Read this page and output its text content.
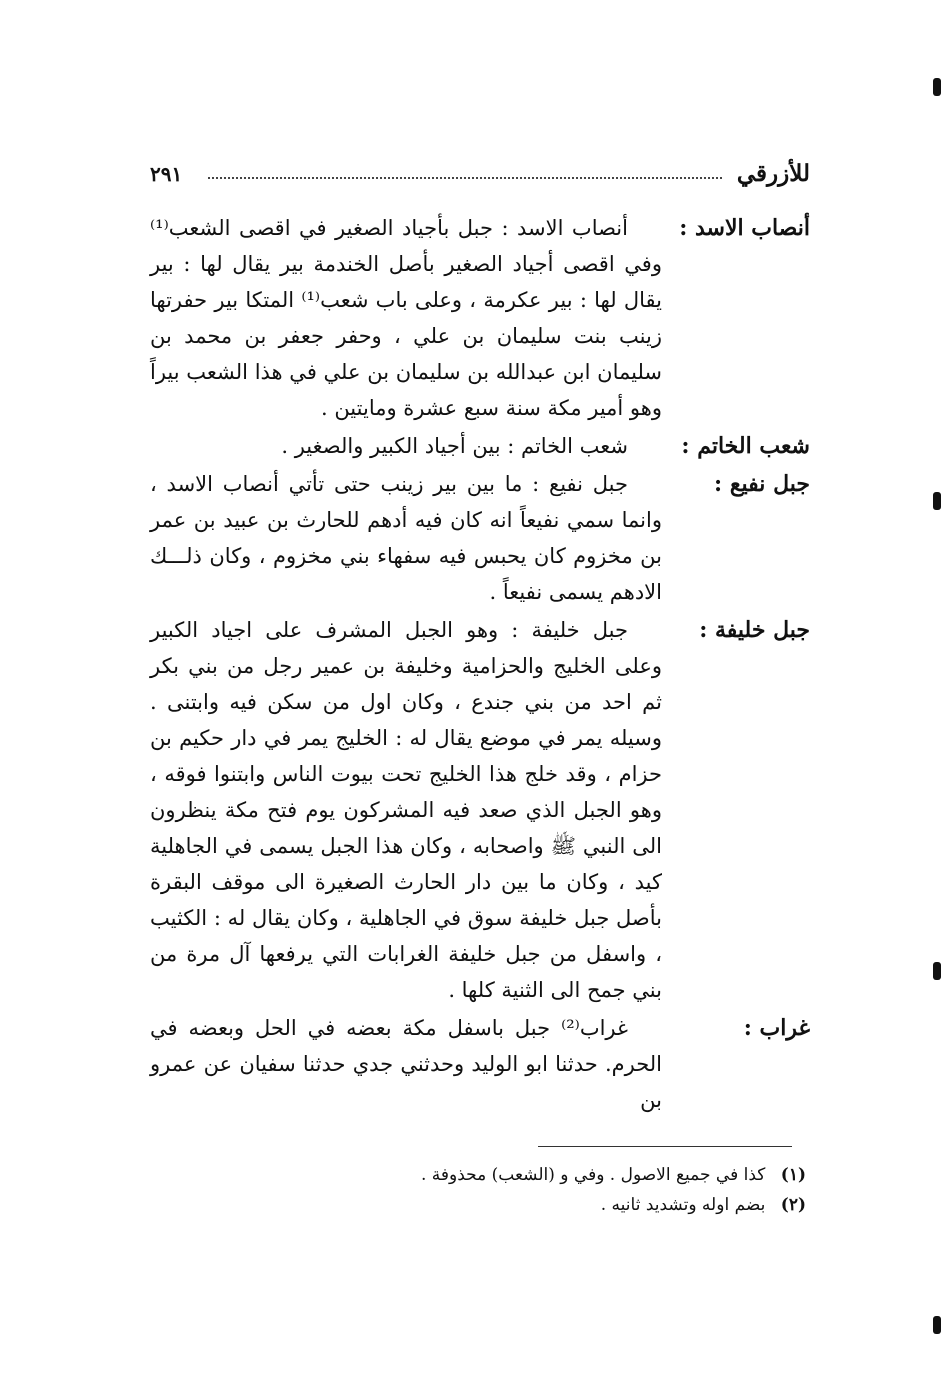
للأزرقي
٢٩١
أنصاب الاسد :
أنصاب الاسد : جبل بأجياد الصغير في اقصى الشعب⁽¹⁾ وفي اقصى أجياد الصغير بأصل الخندمة بير يقال لها : بير يقال لها : بير عكرمة ، وعلى باب شعب⁽¹⁾ المتكا بير حفرتها زينب بنت سليمان بن علي ، وحفر جعفر بن محمد بن سليمان ابن عبدالله بن سليمان بن علي في هذا الشعب بيراً وهو أمير مكة سنة سبع عشرة ومايتين .
شعب الخاتم :
شعب الخاتم : بين أجياد الكبير والصغير .
جبل نفيع :
جبل نفيع : ما بين بير زينب حتى تأتي أنصاب الاسد ، وانما سمي نفيعاً انه كان فيه أدهم للحارث بن عبيد بن عمر بن مخزوم كان يحبس فيه سفهاء بني مخزوم ، وكان ذلـــك الادهم يسمى نفيعاً .
جبل خليفة :
جبل خليفة : وهو الجبل المشرف على اجياد الكبير وعلى الخليج والحزامية وخليفة بن عمير رجل من بني بكر ثم احد من بني جندع ، وكان اول من سكن فيه وابتنى . وسيله يمر في موضع يقال له : الخليج يمر في دار حكيم بن حزام ، وقد خلج هذا الخليج تحت بيوت الناس وابتنوا فوقه ، وهو الجبل الذي صعد فيه المشركون يوم فتح مكة ينظرون الى النبي ﷺ واصحابه ، وكان هذا الجبل يسمى في الجاهلية كيد ، وكان ما بين دار الحارث الصغيرة الى موقف البقرة بأصل جبل خليفة سوق في الجاهلية ، وكان يقال له : الكثيب ، واسفل من جبل خليفة الغرابات التي يرفعها آل مرة من بني جمح الى الثنية كلها .
غراب :
غراب⁽²⁾ جبل باسفل مكة بعضه في الحل وبعضه في الحرم. حدثنا ابو الوليد وحدثني جدي حدثنا سفيان عن عمرو بن
(١) كذا في جميع الاصول . وفي و (الشعب) محذوفة .
(٢) بضم اوله وتشديد ثانيه .
